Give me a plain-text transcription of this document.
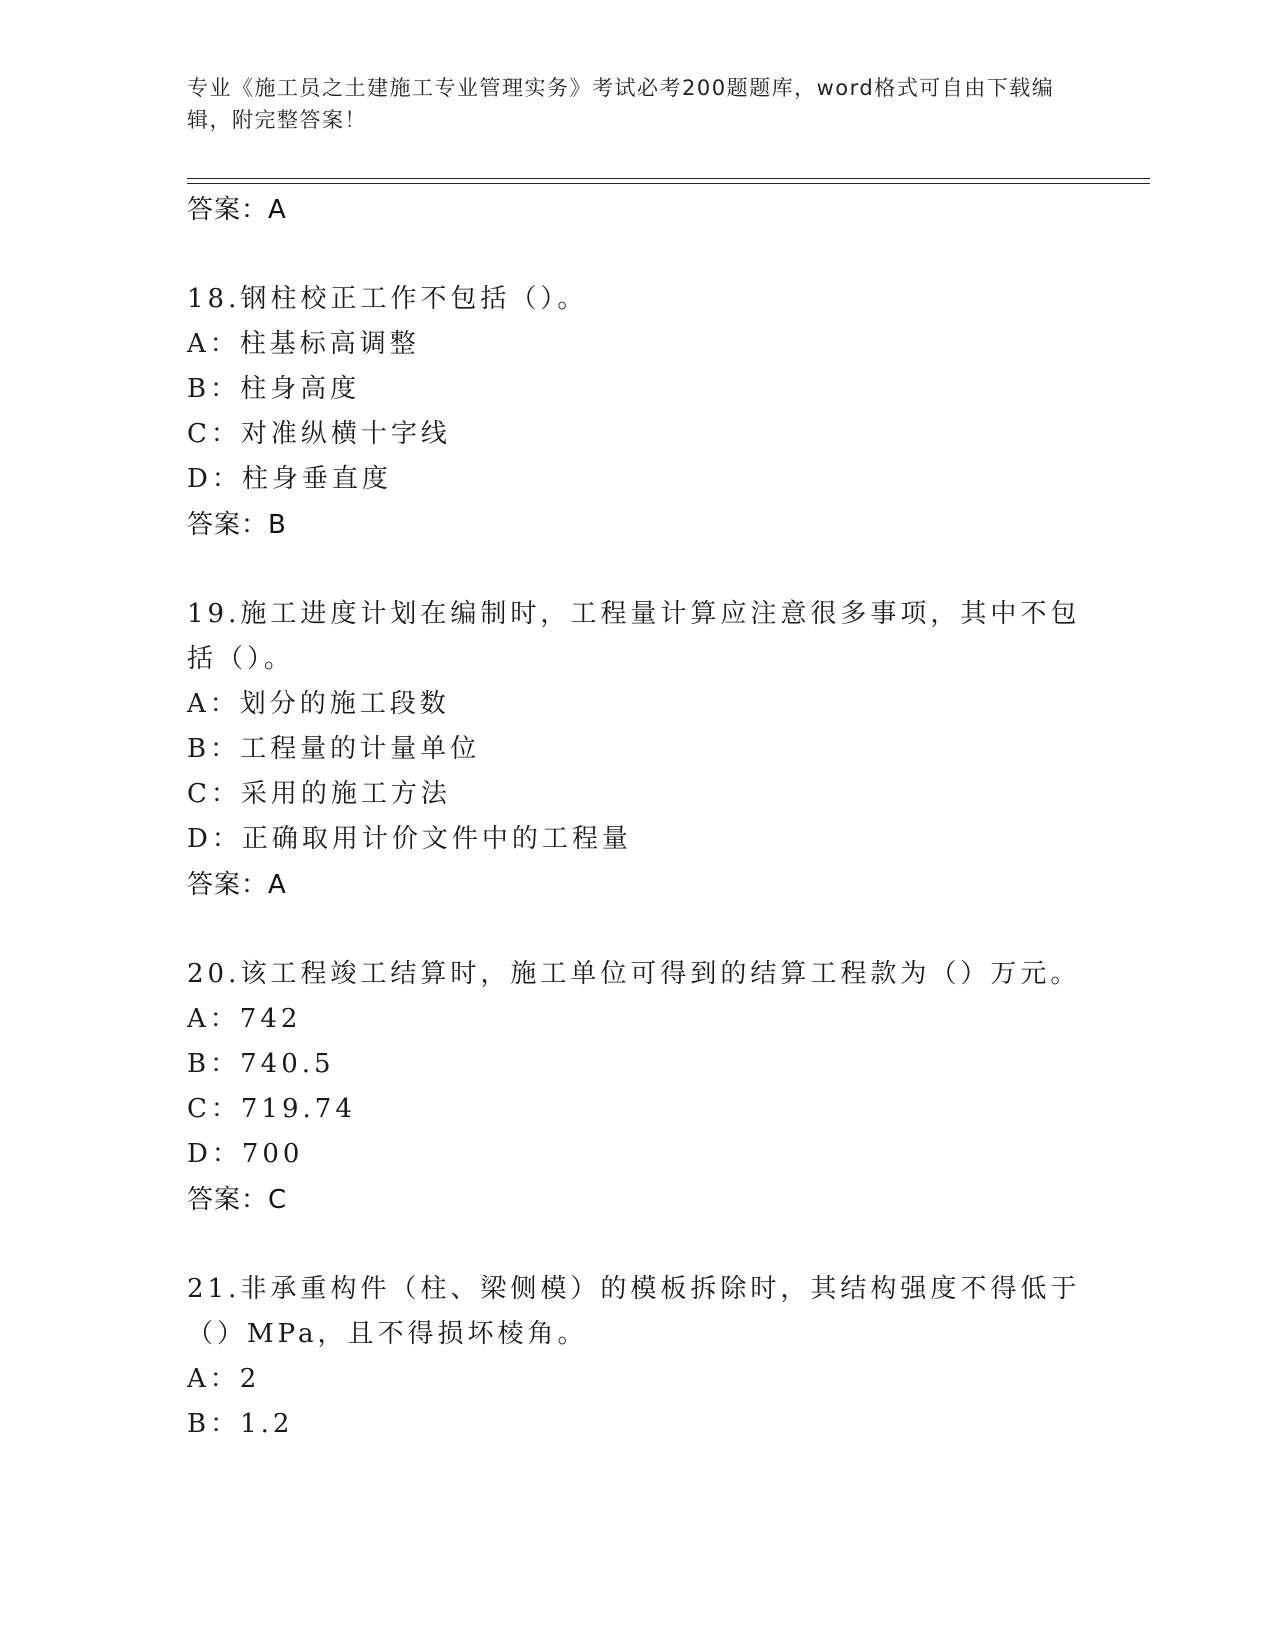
专业《施工员之土建施工专业管理实务》考试必考200题题库，word格式可自由下载编辑，附完整答案！
答案：A

18.钢柱校正工作不包括（）。

A：柱基标高调整
B：柱身高度
C：对准纵横十字线
D：柱身垂直度
答案：B

19.施工进度计划在编制时，工程量计算应注意很多事项，其中不包括（）。

A：划分的施工段数
B：工程量的计量单位
C：采用的施工方法
D：正确取用计价文件中的工程量
答案：A

20.该工程竣工结算时，施工单位可得到的结算工程款为（）万元。

A：742
B：740.5
C：719.74
D：700
答案：C

21.非承重构件（柱、梁侧模）的模板拆除时，其结构强度不得低于（）MPa，且不得损坏棱角。

A：2
B：1.2
